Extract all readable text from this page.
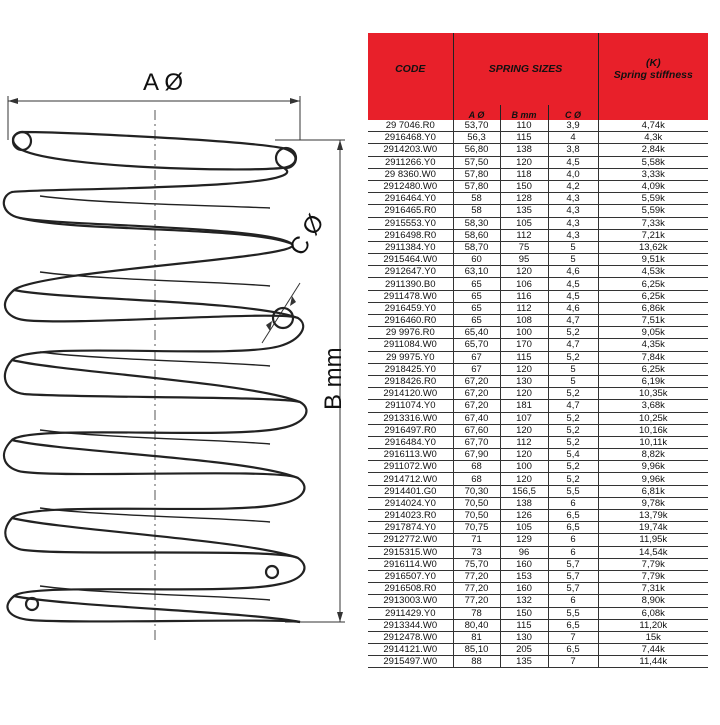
A Ø
C Ø
B mm
CODE	SPRING SIZES			(K)
Spring stiffness

	A Ø	B mm	C Ø	
29 7046.R0	53,70	110	3,9	4,74k
2916468.Y0	56,3	115	4	4,3k
2914203.W0	56,80	138	3,8	2,84k
2911266.Y0	57,50	120	4,5	5,58k
29 8360.W0	57,80	118	4,0	3,33k
2912480.W0	57,80	150	4,2	4,09k
2916464.Y0	58	128	4,3	5,59k
2916465.R0	58	135	4,3	5,59k
2915553.Y0	58,30	105	4,3	7,33k
2916498.R0	58,60	112	4,3	7,21k
2911384.Y0	58,70	75	5	13,62k
2915464.W0	60	95	5	9,51k
2912647.Y0	63,10	120	4,6	4,53k
2911390.B0	65	106	4,5	6,25k
2911478.W0	65	116	4,5	6,25k
2916459.Y0	65	112	4,6	6,86k
2916460.R0	65	108	4,7	7,51k
29 9976.R0	65,40	100	5,2	9,05k
2911084.W0	65,70	170	4,7	4,35k
29 9975.Y0	67	115	5,2	7,84k
2918425.Y0	67	120	5	6,25k
2918426.R0	67,20	130	5	6,19k
2914120.W0	67,20	120	5,2	10,35k
2911074.Y0	67,20	181	4,7	3,68k
2913316.W0	67,40	107	5,2	10,25k
2916497.R0	67,60	120	5,2	10,16k
2916484.Y0	67,70	112	5,2	10,11k
2916113.W0	67,90	120	5,4	8,82k
2911072.W0	68	100	5,2	9,96k
2914712.W0	68	120	5,2	9,96k
2914401.G0	70,30	156,5	5,5	6,81k
2914024.Y0	70,50	138	6	9,78k
2914023.R0	70,50	126	6,5	13,79k
2917874.Y0	70,75	105	6,5	19,74k
2912772.W0	71	129	6	11,95k
2915315.W0	73	96	6	14,54k
2916114.W0	75,70	160	5,7	7,79k
2916507.Y0	77,20	153	5,7	7,79k
2916508.R0	77,20	160	5,7	7,31k
2913003.W0	77,20	132	6	8,90k
2911429.Y0	78	150	5,5	6,08k
2913344.W0	80,40	115	6,5	11,20k
2912478.W0	81	130	7	15k
2914121.W0	85,10	205	6,5	7,44k
2915497.W0	88	135	7	11,44k
